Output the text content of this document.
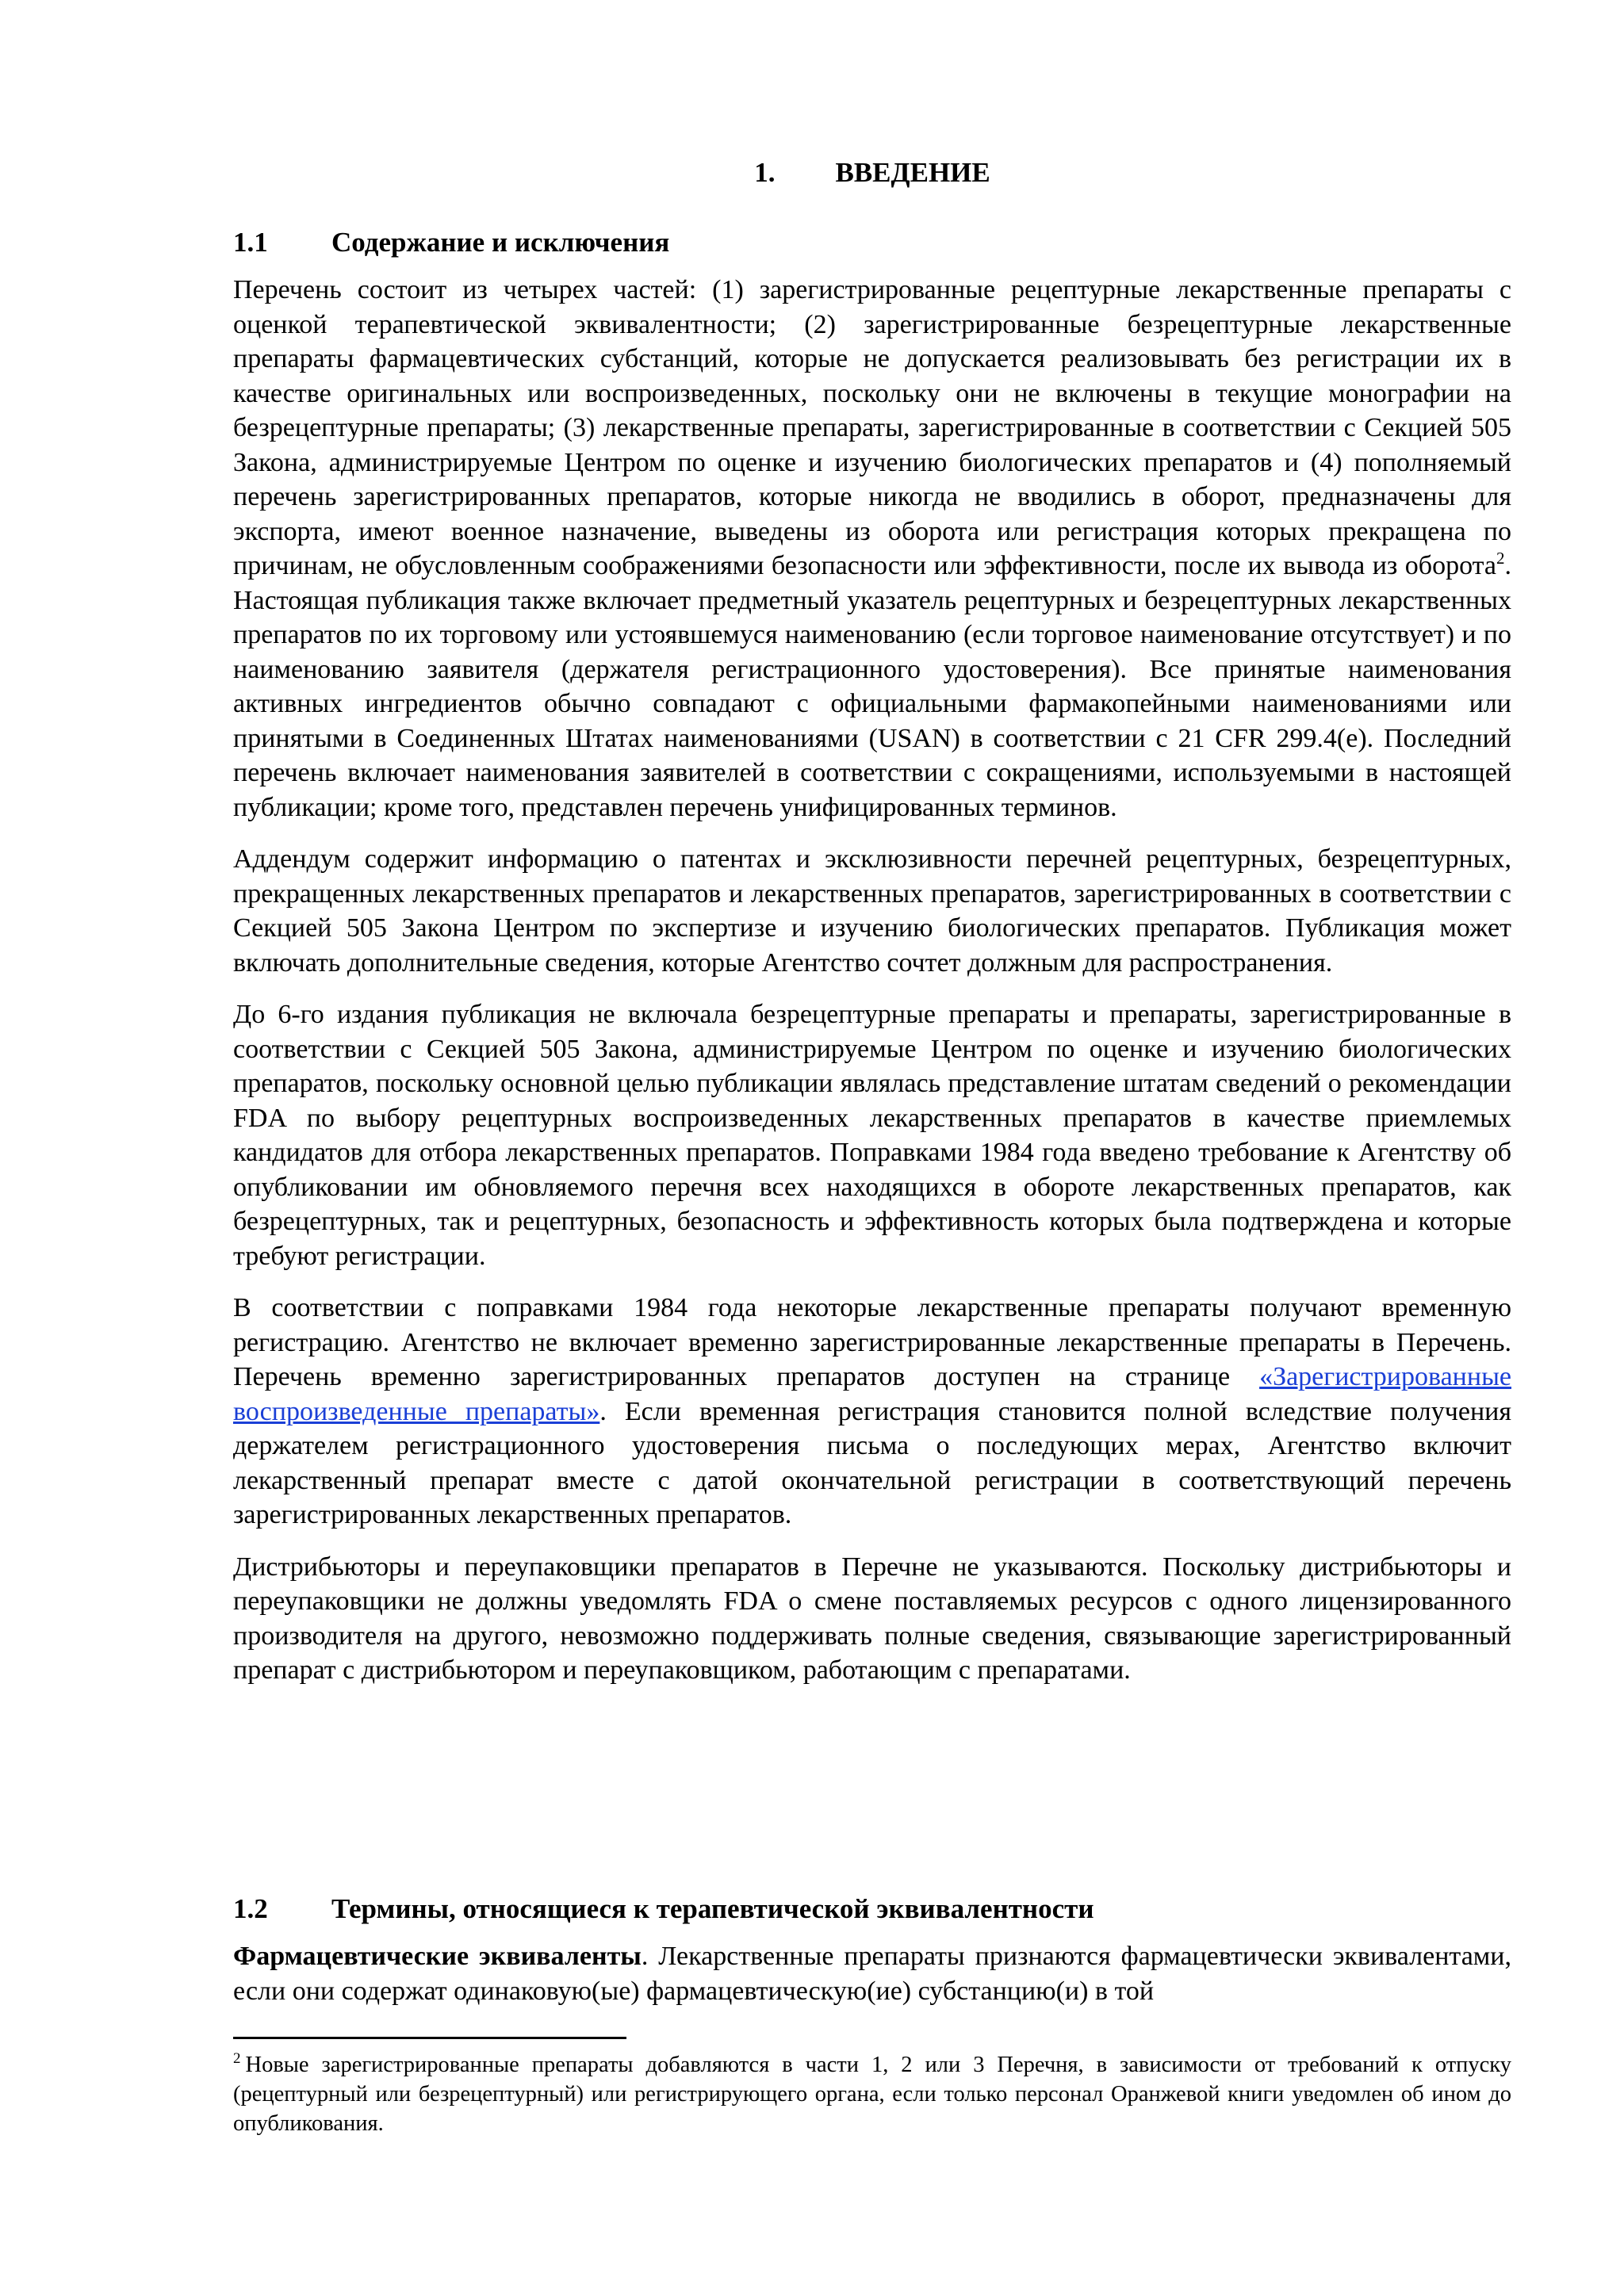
1. ВВЕДЕНИЕ
1.1 Содержание и исключения

Перечень состоит из четырех частей: (1) зарегистрированные рецептурные лекарственные препараты с оценкой терапевтической эквивалентности; (2) зарегистрированные безрецептурные лекарственные препараты фармацевтических субстанций, которые не допускается реализовывать без регистрации их в качестве оригинальных или воспроизведенных, поскольку они не включены в текущие монографии на безрецептурные препараты; (3) лекарственные препараты, зарегистрированные в соответствии с Секцией 505 Закона, администрируемые Центром по оценке и изучению биологических препаратов и (4) пополняемый перечень зарегистрированных препаратов, которые никогда не вводились в оборот, предназначены для экспорта, имеют военное назначение, выведены из оборота или регистрация которых прекращена по причинам, не обусловленным соображениями безопасности или эффективности, после их вывода из оборота$^2$. Настоящая публикация также включает предметный указатель рецептурных и безрецептурных лекарственных препаратов по их торговому или устоявшемуся наименованию (если торговое наименование отсутствует) и по наименованию заявителя (держателя регистрационного удостоверения). Все принятые наименования активных ингредиентов обычно совпадают с официальными фармакопейными наименованиями или принятыми в Соединенных Штатах наименованиями (USAN) в соответствии с 21 CFR 299.4(e). Последний перечень включает наименования заявителей в соответствии с сокращениями, используемыми в настоящей публикации; кроме того, представлен перечень унифицированных терминов.

Аддендум содержит информацию о патентах и эксклюзивности перечней рецептурных, безрецептурных, прекращенных лекарственных препаратов и лекарственных препаратов, зарегистрированных в соответствии с Секцией 505 Закона Центром по экспертизе и изучению биологических препаратов. Публикация может включать дополнительные сведения, которые Агентство сочтет должным для распространения.

До 6-го издания публикация не включала безрецептурные препараты и препараты, зарегистрированные в соответствии с Секцией 505 Закона, администрируемые Центром по оценке и изучению биологических препаратов, поскольку основной целью публикации являлась представление штатам сведений о рекомендации FDA по выбору рецептурных воспроизведенных лекарственных препаратов в качестве приемлемых кандидатов для отбора лекарственных препаратов. Поправками 1984 года введено требование к Агентству об опубликовании им обновляемого перечня всех находящихся в обороте лекарственных препаратов, как безрецептурных, так и рецептурных, безопасность и эффективность которых была подтверждена и которые требуют регистрации.

В соответствии с поправками 1984 года некоторые лекарственные препараты получают временную регистрацию. Агентство не включает временно зарегистрированные лекарственные препараты в Перечень. Перечень временно зарегистрированных препаратов доступен на странице «Зарегистрированные воспроизведенные препараты». Если временная регистрация становится полной вследствие получения держателем регистрационного удостоверения письма о последующих мерах, Агентство включит лекарственный препарат вместе с датой окончательной регистрации в соответствующий перечень зарегистрированных лекарственных препаратов.

Дистрибьюторы и переупаковщики препаратов в Перечне не указываются. Поскольку дистрибьюторы и переупаковщики не должны уведомлять FDA о смене поставляемых ресурсов с одного лицензированного производителя на другого, невозможно поддерживать полные сведения, связывающие зарегистрированный препарат с дистрибьютором и переупаковщиком, работающим с препаратами.

1.2 Термины, относящиеся к терапевтической эквивалентности

Фармацевтические эквиваленты. Лекарственные препараты признаются фармацевтически эквивалентами, если они содержат одинаковую(ые) фармацевтическую(ие) субстанцию(и) в той

$^2$ Новые зарегистрированные препараты добавляются в части 1, 2 или 3 Перечня, в зависимости от требований к отпуску (рецептурный или безрецептурный) или регистрирующего органа, если только персонал Оранжевой книги уведомлен об ином до опубликования.
